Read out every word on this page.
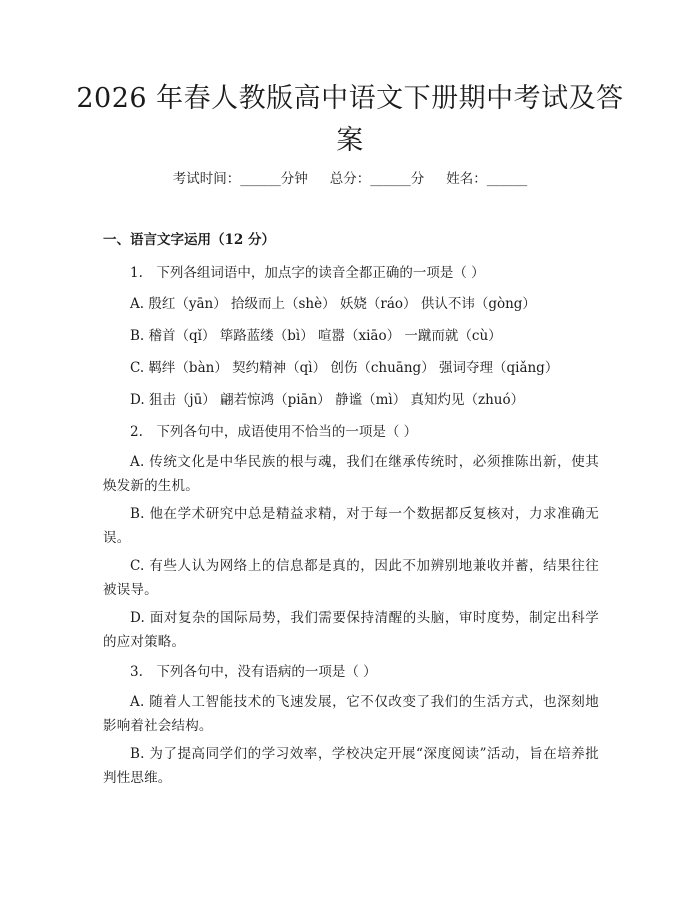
2026 年春人教版高中语文下册期中考试及答案
考试时间：______分钟 总分：______分 姓名：______
一、语言文字运用（12 分）
1.　下列各组词语中，加点字的读音全都正确的一项是（ ）
A. 殷红（yān） 拾级而上（shè） 妖娆（ráo） 供认不讳（gòng）
B. 稽首（qǐ） 筚路蓝缕（bì） 喧嚣（xiāo） 一蹴而就（cù）
C. 羁绊（bàn） 契约精神（qì） 创伤（chuāng） 强词夺理（qiǎng）
D. 狙击（jū） 翩若惊鸿（piān） 静谧（mì） 真知灼见（zhuó）
2.　下列各句中，成语使用不恰当的一项是（ ）
A. 传统文化是中华民族的根与魂，我们在继承传统时，必须推陈出新，使其焕发新的生机。
B. 他在学术研究中总是精益求精，对于每一个数据都反复核对，力求准确无误。
C. 有些人认为网络上的信息都是真的，因此不加辨别地兼收并蓄，结果往往被误导。
D. 面对复杂的国际局势，我们需要保持清醒的头脑，审时度势，制定出科学的应对策略。
3.　下列各句中，没有语病的一项是（ ）
A. 随着人工智能技术的飞速发展，它不仅改变了我们的生活方式，也深刻地影响着社会结构。
B. 为了提高同学们的学习效率，学校决定开展“深度阅读”活动，旨在培养批判性思维。
